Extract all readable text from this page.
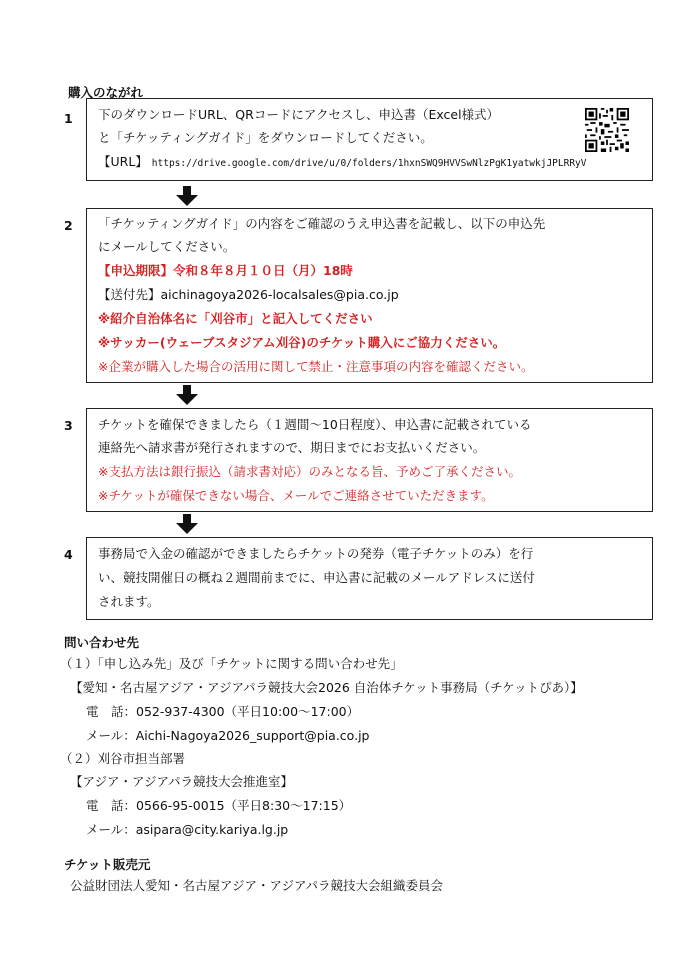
購入のながれ
1 下のダウンロードURL、QRコードにアクセスし、申込書（Excel様式）
と「チケッティングガイド」をダウンロードしてください。
【URL】 https://drive.google.com/drive/u/0/folders/1hxnSWQ9HVVSwNlzPgK1yatwkjJPLRRyV
2 「チケッティングガイド」の内容をご確認のうえ申込書を記載し、以下の申込先
にメールしてください。
【申込期限】令和８年８月１０日（月）18時
【送付先】aichinagoya2026-localsales@pia.co.jp
※紹介自治体名に「刈谷市」と記入してください
※サッカー(ウェーブスタジアム刈谷)のチケット購入にご協力ください。
※企業が購入した場合の活用に関して禁止・注意事項の内容を確認ください。
3 チケットを確保できましたら（１週間～10日程度）、申込書に記載されている
連絡先へ請求書が発行されますので、期日までにお支払いください。
※支払方法は銀行振込（請求書対応）のみとなる旨、予めご了承ください。
※チケットが確保できない場合、メールでご連絡させていただきます。
4 事務局で入金の確認ができましたらチケットの発券（電子チケットのみ）を行
い、競技開催日の概ね２週間前までに、申込書に記載のメールアドレスに送付
されます。
問い合わせ先
（１）「申し込み先」及び「チケットに関する問い合わせ先」
【愛知・名古屋アジア・アジアパラ競技大会2026 自治体チケット事務局（チケットぴあ）】
電　話：052-937-4300（平日10:00～17:00）
メール：Aichi-Nagoya2026_support@pia.co.jp
（２）刈谷市担当部署
【アジア・アジアパラ競技大会推進室】
電　話：0566-95-0015（平日8:30～17:15）
メール：asipara@city.kariya.lg.jp
チケット販売元
公益財団法人愛知・名古屋アジア・アジアパラ競技大会組織委員会
